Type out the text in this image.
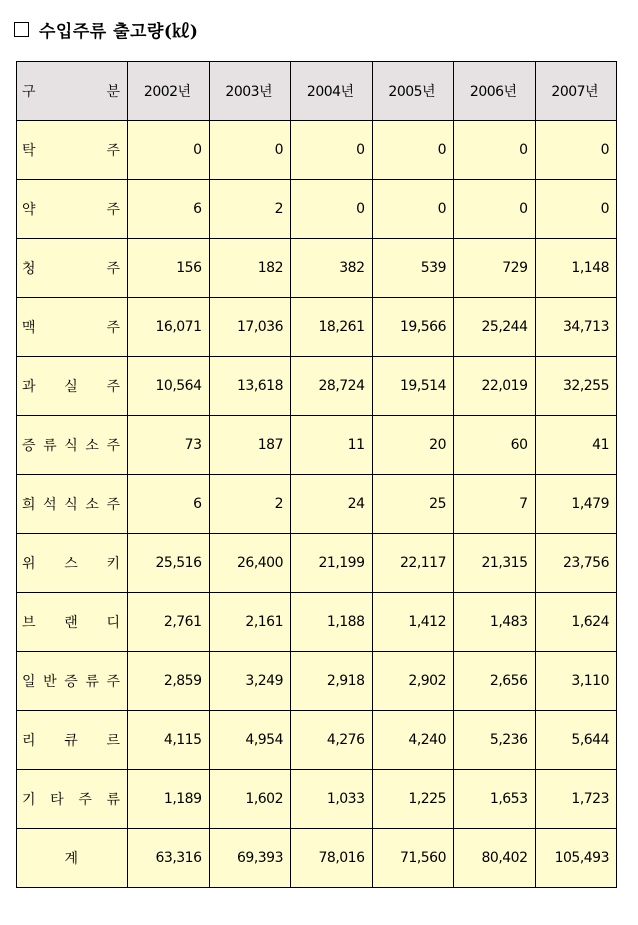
수입주류 출고량(㎘)
구 분	2002년	2003년	2004년	2005년	2006년	2007년

탁 주	0	0	0	0	0	0

약 주	6	2	0	0	0	0

청 주	156	182	382	539	729	1,148

맥 주	16,071	17,036	18,261	19,566	25,244	34,713

과 실 주	10,564	13,618	28,724	19,514	22,019	32,255

증 류 식 소 주	73	187	11	20	60	41

희 석 식 소 주	6	2	24	25	7	1,479

위 스 키	25,516	26,400	21,199	22,117	21,315	23,756

브 랜 디	2,761	2,161	1,188	1,412	1,483	1,624

일 반 증 류 주	2,859	3,249	2,918	2,902	2,656	3,110

리 큐 르	4,115	4,954	4,276	4,240	5,236	5,644

기 타 주 류	1,189	1,602	1,033	1,225	1,653	1,723
계	63,316	69,393	78,016	71,560	80,402	105,493
